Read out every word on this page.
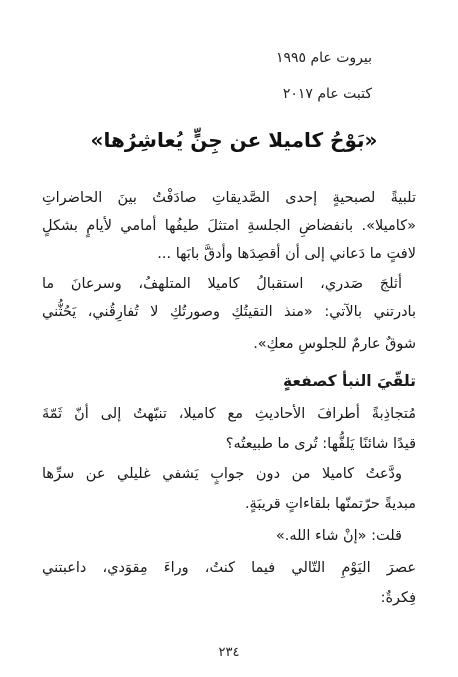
بيروت عام ١٩٩٥
كتبت عام ٢٠١٧
«بَوْحُ كاميلا عن جِنٍّ يُعاشِرُها»
تلبيةً لصبحيةٍ إحدى الصَّديقاتِ صادَفْتُ بينَ الحاضراتِ
«كاميلا». بانفضاضِ الجلسةِ امتثلَ طيفُها أمامي لأيامٍ بشكلٍ
لافتٍ ما دَعاني إلى أن أقصِدَها وأدقَّ بابَها ...
أثلجَ صَدري، استقبالُ كاميلا المتلهفُ، وسرعانَ ما
بادرتني بالآتي: «منذ التقيتُكِ وصورتُكِ لا تُفارِقُني، يَحُثُّني
شوقٌ عارمٌ للجلوسِ معكِ».
تلقّيَ النبأ كصفعةٍ
مُتجاذِبةً أطرافَ الأحاديثِ مع كاميلا، تنبّهتُ إلى أنّ ثَمّةَ
قيدًا شائنًا يَلفُّها: تُرى ما طبيعتُه؟
ودَّعتُ كاميلا من دون جوابٍ يَشفي غليلي عن سرِّها
مبديةً حرّتمنّها بلقاءاتٍ قريبَةٍ.
قلت: «إنْ شاء الله.»
عصرَ اليَوْمِ التّالي فيما كنتُ، وراءَ مِقوَدي، داعبتني
فِكرةٌ:
٢٣٤
